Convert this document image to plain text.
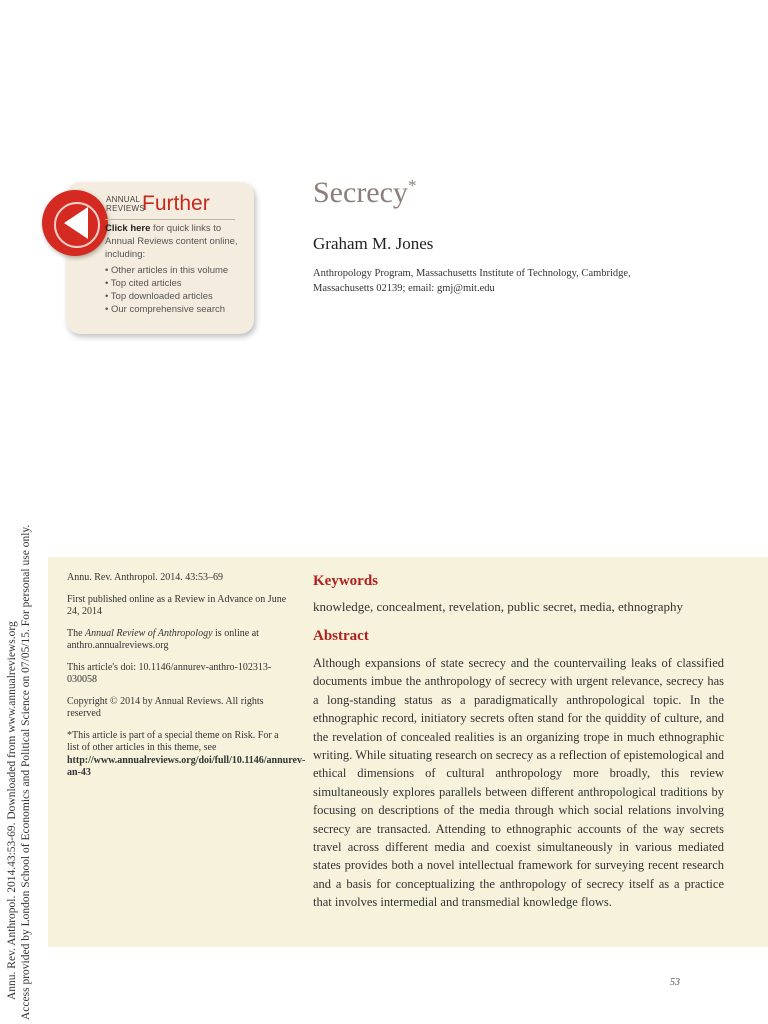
Annu. Rev. Anthropol. 2014.43:53-69. Downloaded from www.annualreviews.org Access provided by London School of Economics and Political Science on 07/05/15. For personal use only.
ANNUAL
REVIEWS
Further
Click here for quick links to Annual Reviews content online, including:
• Other articles in this volume
• Top cited articles
• Top downloaded articles
• Our comprehensive search
Secrecy*
Graham M. Jones
Anthropology Program, Massachusetts Institute of Technology, Cambridge, Massachusetts 02139; email: gmj@mit.edu

Annu. Rev. Anthropol. 2014. 43:53–69

First published online as a Review in Advance on June 24, 2014

The Annual Review of Anthropology is online at anthro.annualreviews.org

This article's doi: 10.1146/annurev-anthro-102313-030058

Copyright © 2014 by Annual Reviews. All rights reserved

*This article is part of a special theme on Risk. For a list of other articles in this theme, see http://www.annualreviews.org/doi/full/10.1146/annurev-an-43

Keywords
knowledge, concealment, revelation, public secret, media, ethnography
Abstract

Although expansions of state secrecy and the countervailing leaks of classified documents imbue the anthropology of secrecy with urgent relevance, secrecy has a long-standing status as a paradigmatically anthropological topic. In the ethnographic record, initiatory secrets often stand for the quiddity of culture, and the revelation of concealed realities is an organizing trope in much ethnographic writing. While situating research on secrecy as a reflection of epistemological and ethical dimensions of cultural anthropology more broadly, this review simultaneously explores parallels between different anthropological traditions by focusing on descriptions of the media through which social relations involving secrecy are transacted. Attending to ethnographic accounts of the way secrets travel across different media and coexist simultaneously in various mediated states provides both a novel intellectual framework for surveying recent research and a basis for conceptualizing the anthropology of secrecy itself as a practice that involves intermedial and transmedial knowledge flows.

53
